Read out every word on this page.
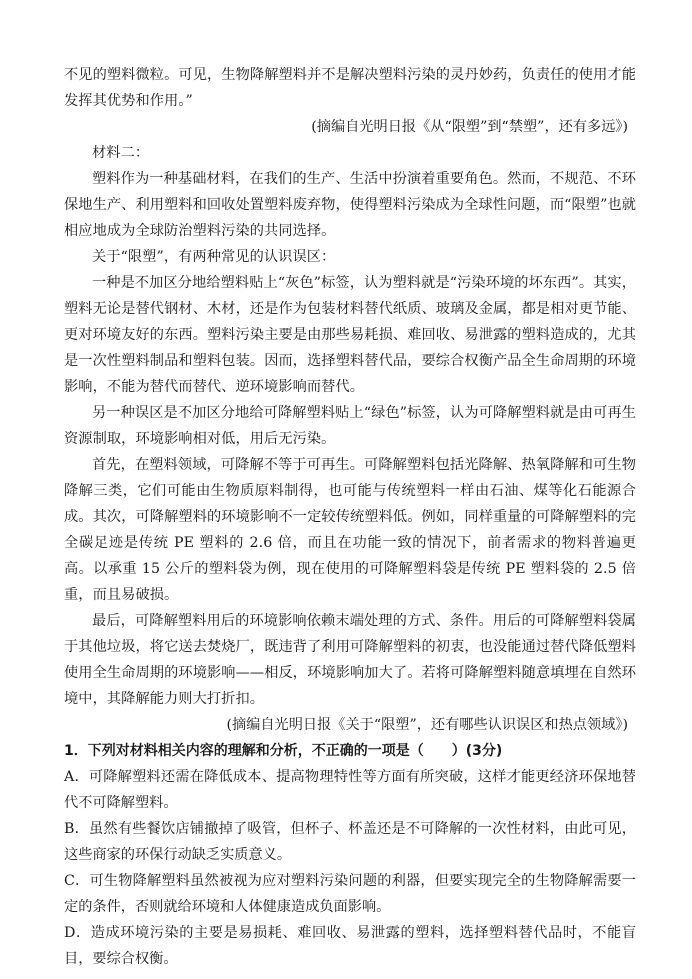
不见的塑料微粒。可见，生物降解塑料并不是解决塑料污染的灵丹妙药，负责任的使用才能发挥其优势和作用。”

(摘编自光明日报《从“限塑”到“禁塑”，还有多远》)

材料二：

塑料作为一种基础材料，在我们的生产、生活中扮演着重要角色。然而，不规范、不环保地生产、利用塑料和回收处置塑料废弃物，使得塑料污染成为全球性问题，而“限塑”也就相应地成为全球防治塑料污染的共同选择。

关于“限塑”，有两种常见的认识误区：

一种是不加区分地给塑料贴上“灰色”标签，认为塑料就是“污染环境的坏东西”。其实，塑料无论是替代钢材、木材，还是作为包装材料替代纸质、玻璃及金属，都是相对更节能、更对环境友好的东西。塑料污染主要是由那些易耗损、难回收、易泄露的塑料造成的，尤其是一次性塑料制品和塑料包装。因而，选择塑料替代品，要综合权衡产品全生命周期的环境影响，不能为替代而替代、逆环境影响而替代。

另一种误区是不加区分地给可降解塑料贴上“绿色”标签，认为可降解塑料就是由可再生资源制取，环境影响相对低，用后无污染。

首先，在塑料领域，可降解不等于可再生。可降解塑料包括光降解、热氧降解和可生物降解三类，它们可能由生物质原料制得，也可能与传统塑料一样由石油、煤等化石能源合成。其次，可降解塑料的环境影响不一定较传统塑料低。例如，同样重量的可降解塑料的完全碳足迹是传统 PE 塑料的 2.6 倍，而且在功能一致的情况下，前者需求的物料普遍更高。以承重 15 公斤的塑料袋为例，现在使用的可降解塑料袋是传统 PE 塑料袋的 2.5 倍重，而且易破损。

最后，可降解塑料用后的环境影响依赖末端处理的方式、条件。用后的可降解塑料袋属于其他垃圾，将它送去焚烧厂，既违背了利用可降解塑料的初衷，也没能通过替代降低塑料使用全生命周期的环境影响——相反，环境影响加大了。若将可降解塑料随意填埋在自然环境中，其降解能力则大打折扣。

(摘编自光明日报《关于“限塑”，还有哪些认识误区和热点领域》)

1．下列对材料相关内容的理解和分析，不正确的一项是（　　）(3分)

A．可降解塑料还需在降低成本、提高物理特性等方面有所突破，这样才能更经济环保地替代不可降解塑料。

B．虽然有些餐饮店铺撤掉了吸管，但杯子、杯盖还是不可降解的一次性材料，由此可见，这些商家的环保行动缺乏实质意义。

C．可生物降解塑料虽然被视为应对塑料污染问题的利器，但要实现完全的生物降解需要一定的条件，否则就给环境和人体健康造成负面影响。

D．造成环境污染的主要是易损耗、难回收、易泄露的塑料，选择塑料替代品时，不能盲目，要综合权衡。
